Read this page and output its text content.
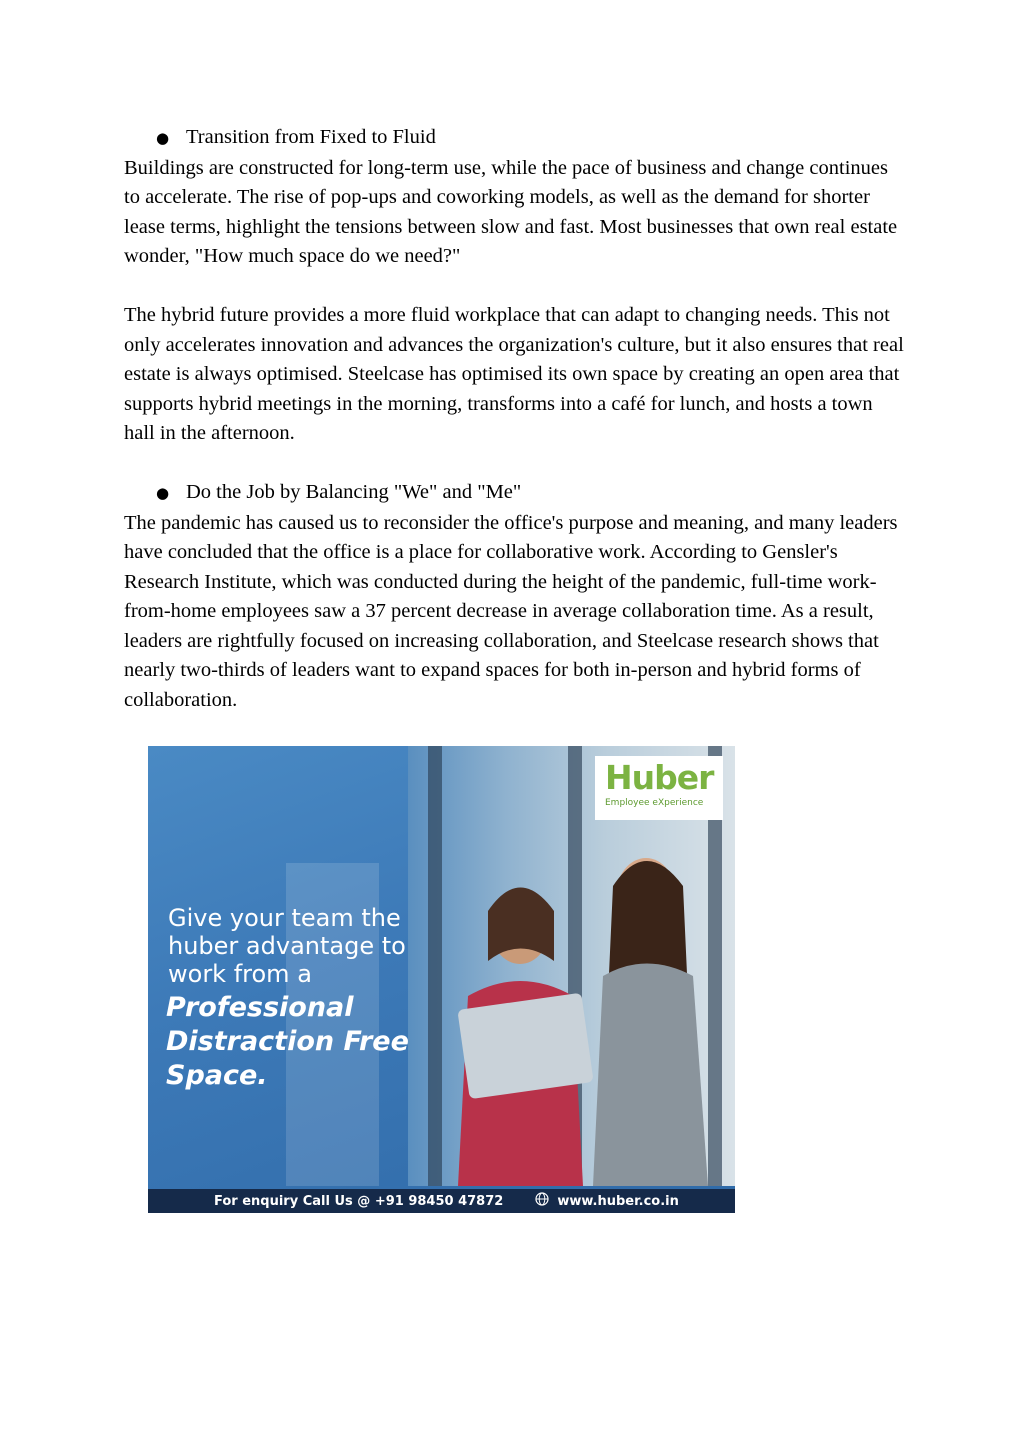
● Transition from Fixed to Fluid

Buildings are constructed for long-term use, while the pace of business and change continues to accelerate. The rise of pop-ups and coworking models, as well as the demand for shorter lease terms, highlight the tensions between slow and fast. Most businesses that own real estate wonder, "How much space do we need?"

The hybrid future provides a more fluid workplace that can adapt to changing needs. This not only accelerates innovation and advances the organization's culture, but it also ensures that real estate is always optimised. Steelcase has optimised its own space by creating an open area that supports hybrid meetings in the morning, transforms into a café for lunch, and hosts a town hall in the afternoon.

● Do the Job by Balancing "We" and "Me"

The pandemic has caused us to reconsider the office's purpose and meaning, and many leaders have concluded that the office is a place for collaborative work. According to Gensler's Research Institute, which was conducted during the height of the pandemic, full-time work-from-home employees saw a 37 percent decrease in average collaboration time. As a result, leaders are rightfully focused on increasing collaboration, and Steelcase research shows that nearly two-thirds of leaders want to expand spaces for both in-person and hybrid forms of collaboration.

Huber
Employee eXperience
Give your team the huber advantage to work from a
Professional Distraction Free Space.
For enquiry Call Us @ +91 98450 47872	www.huber.co.in
